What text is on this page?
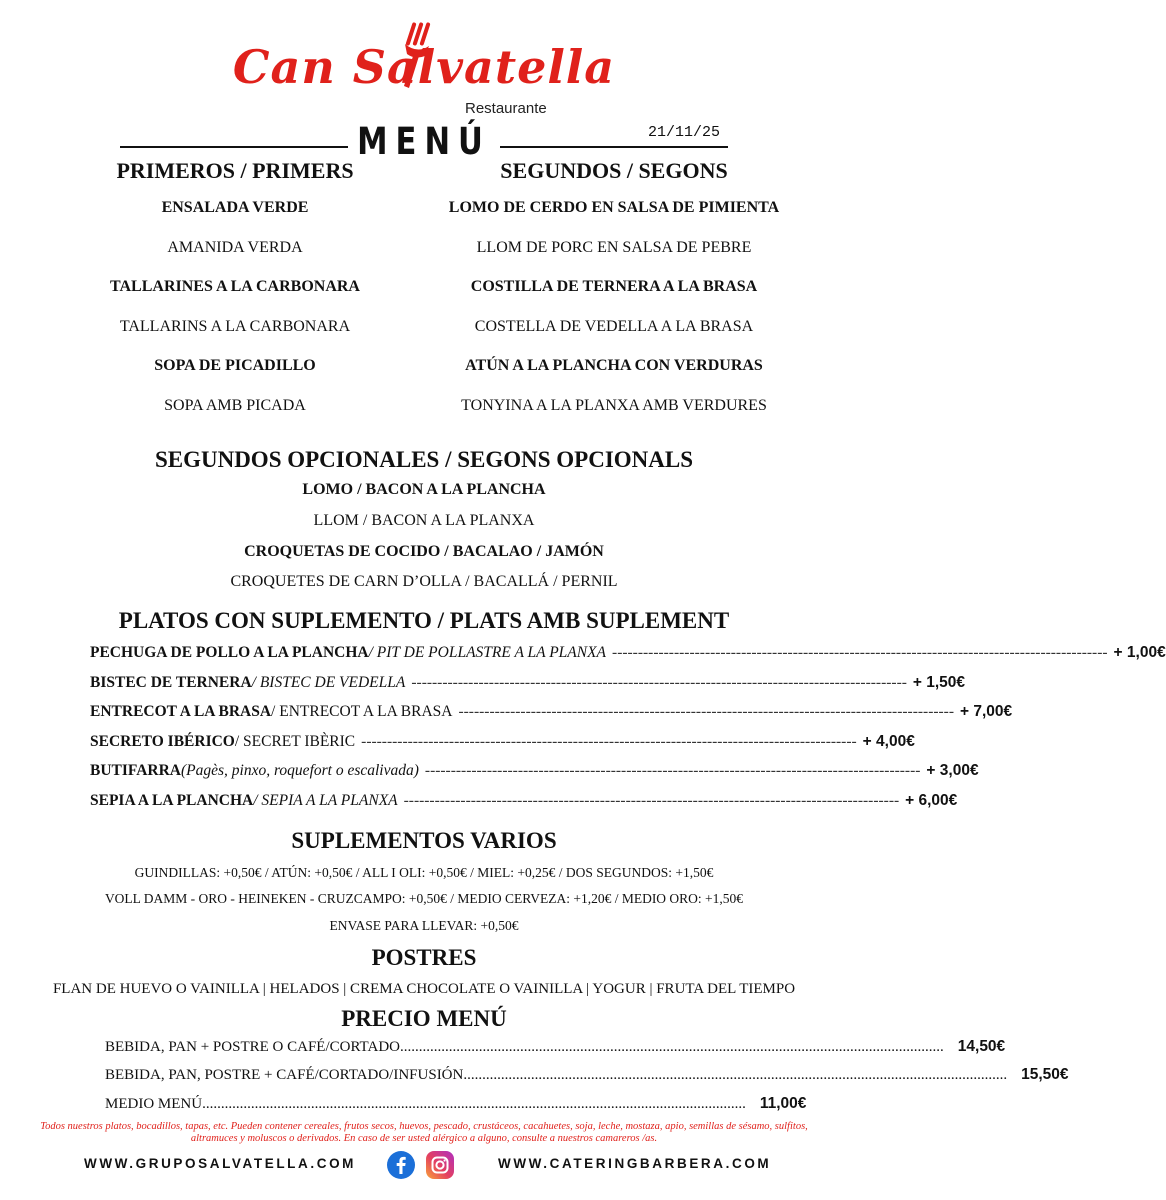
Can Salvatella
Restaurante
MENÚ	21/11/25
PRIMEROS / PRIMERS
ENSALADA VERDE
AMANIDA VERDA
TALLARINES A LA CARBONARA
TALLARINS A LA CARBONARA
SOPA DE PICADILLO
SOPA AMB PICADA
SEGUNDOS / SEGONS
LOMO DE CERDO EN SALSA DE PIMIENTA
LLOM DE PORC EN SALSA DE PEBRE
COSTILLA DE TERNERA A LA BRASA
COSTELLA DE VEDELLA A LA BRASA
ATÚN A LA PLANCHA CON VERDURAS
TONYINA A LA PLANXA AMB VERDURES
SEGUNDOS OPCIONALES / SEGONS OPCIONALS
LOMO / BACON A LA PLANCHA
LLOM / BACON A LA PLANXA
CROQUETAS DE COCIDO / BACALAO / JAMÓN
CROQUETES DE CARN D’OLLA / BACALLÁ / PERNIL
PLATOS CON SUPLEMENTO / PLATS AMB SUPLEMENT
PECHUGA DE POLLO A LA PLANCHA / PIT DE POLLASTRE A LA PLANXA ------------------------------------------------------------------------------------------------ + 1,00€
BISTEC DE TERNERA / BISTEC DE VEDELLA ------------------------------------------------------------------------------------------------ + 1,50€
ENTRECOT A LA BRASA / ENTRECOT A LA BRASA ------------------------------------------------------------------------------------------------ + 7,00€
SECRETO IBÉRICO / SECRET IBÈRIC ------------------------------------------------------------------------------------------------ + 4,00€
BUTIFARRA (Pagès, pinxo, roquefort o escalivada) ------------------------------------------------------------------------------------------------ + 3,00€
SEPIA A LA PLANCHA / SEPIA A LA PLANXA ------------------------------------------------------------------------------------------------ + 6,00€
SUPLEMENTOS VARIOS
GUINDILLAS: +0,50€ / ATÚN: +0,50€ / ALL I OLI: +0,50€ / MIEL: +0,25€ / DOS SEGUNDOS: +1,50€
VOLL DAMM - ORO - HEINEKEN - CRUZCAMPO: +0,50€ / MEDIO CERVEZA: +1,20€ / MEDIO ORO: +1,50€
ENVASE PARA LLEVAR: +0,50€
POSTRES
FLAN DE HUEVO O VAINILLA | HELADOS | CREMA CHOCOLATE O VAINILLA | YOGUR | FRUTA DEL TIEMPO
PRECIO MENÚ
BEBIDA, PAN + POSTRE O CAFÉ/CORTADO ................................................................................................................................................. 14,50€
BEBIDA, PAN, POSTRE + CAFÉ/CORTADO/INFUSIÓN ................................................................................................................................................. 15,50€
MEDIO MENÚ ................................................................................................................................................. 11,00€
Todos nuestros platos, bocadillos, tapas, etc. Pueden contener cereales, frutos secos, huevos, pescado, crustáceos, cacahuetes, soja, leche, mostaza, apio, semillas de sésamo, sulfitos, altramuces y moluscos o derivados. En caso de ser usted alérgico a alguno, consulte a nuestros camareros /as.
WWW.GRUPOSALVATELLA.COM	WWW.CATERINGBARBERA.COM
